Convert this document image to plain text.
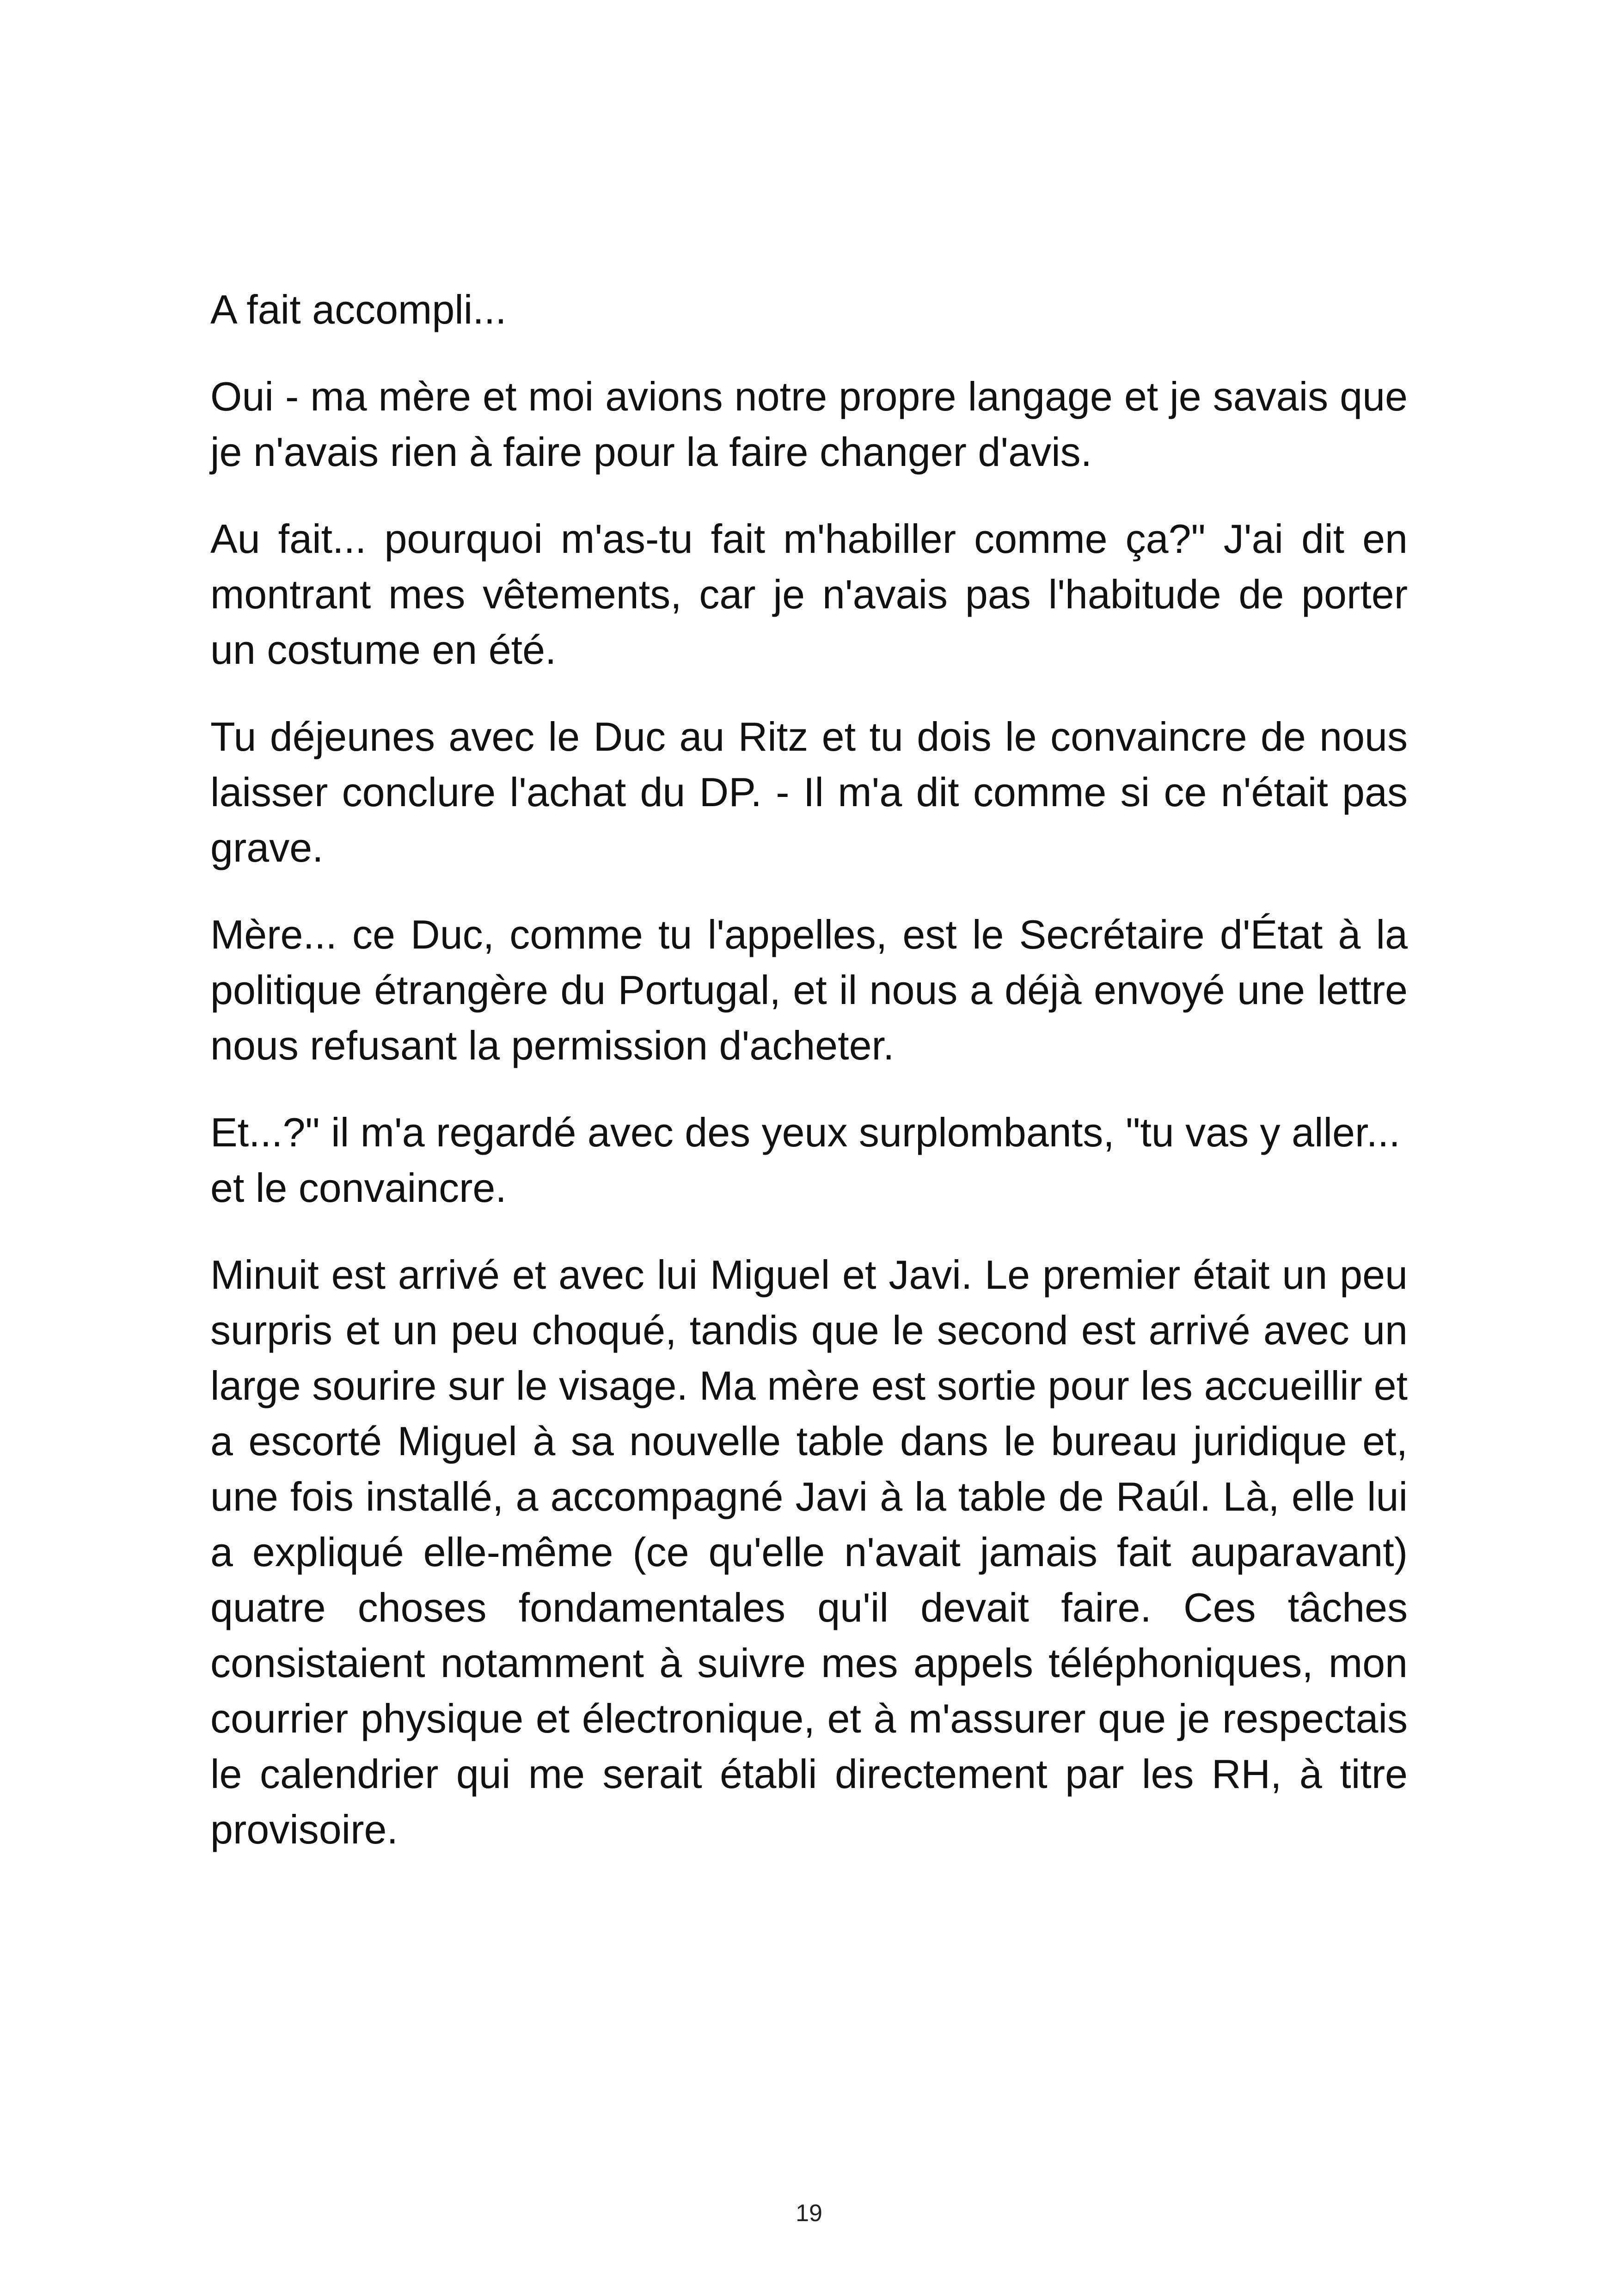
A fait accompli...

Oui - ma mère et moi avions notre propre langage et je savais que je n'avais rien à faire pour la faire changer d'avis.

Au fait... pourquoi m'as-tu fait m'habiller comme ça?" J'ai dit en montrant mes vêtements, car je n'avais pas l'habitude de porter un costume en été.

Tu déjeunes avec le Duc au Ritz et tu dois le convaincre de nous laisser conclure l'achat du DP. - Il m'a dit comme si ce n'était pas grave.

Mère... ce Duc, comme tu l'appelles, est le Secrétaire d'État à la politique étrangère du Portugal, et il nous a déjà envoyé une lettre nous refusant la permission d'acheter.

Et...?" il m'a regardé avec des yeux surplombants, "tu vas y aller... et le convaincre.

Minuit est arrivé et avec lui Miguel et Javi. Le premier était un peu surpris et un peu choqué, tandis que le second est arrivé avec un large sourire sur le visage. Ma mère est sortie pour les accueillir et a escorté Miguel à sa nouvelle table dans le bureau juridique et, une fois installé, a accompagné Javi à la table de Raúl. Là, elle lui a expliqué elle-même (ce qu'elle n'avait jamais fait auparavant) quatre choses fondamentales qu'il devait faire. Ces tâches consistaient notamment à suivre mes appels téléphoniques, mon courrier physique et électronique, et à m'assurer que je respectais le calendrier qui me serait établi directement par les RH, à titre provisoire.

19
